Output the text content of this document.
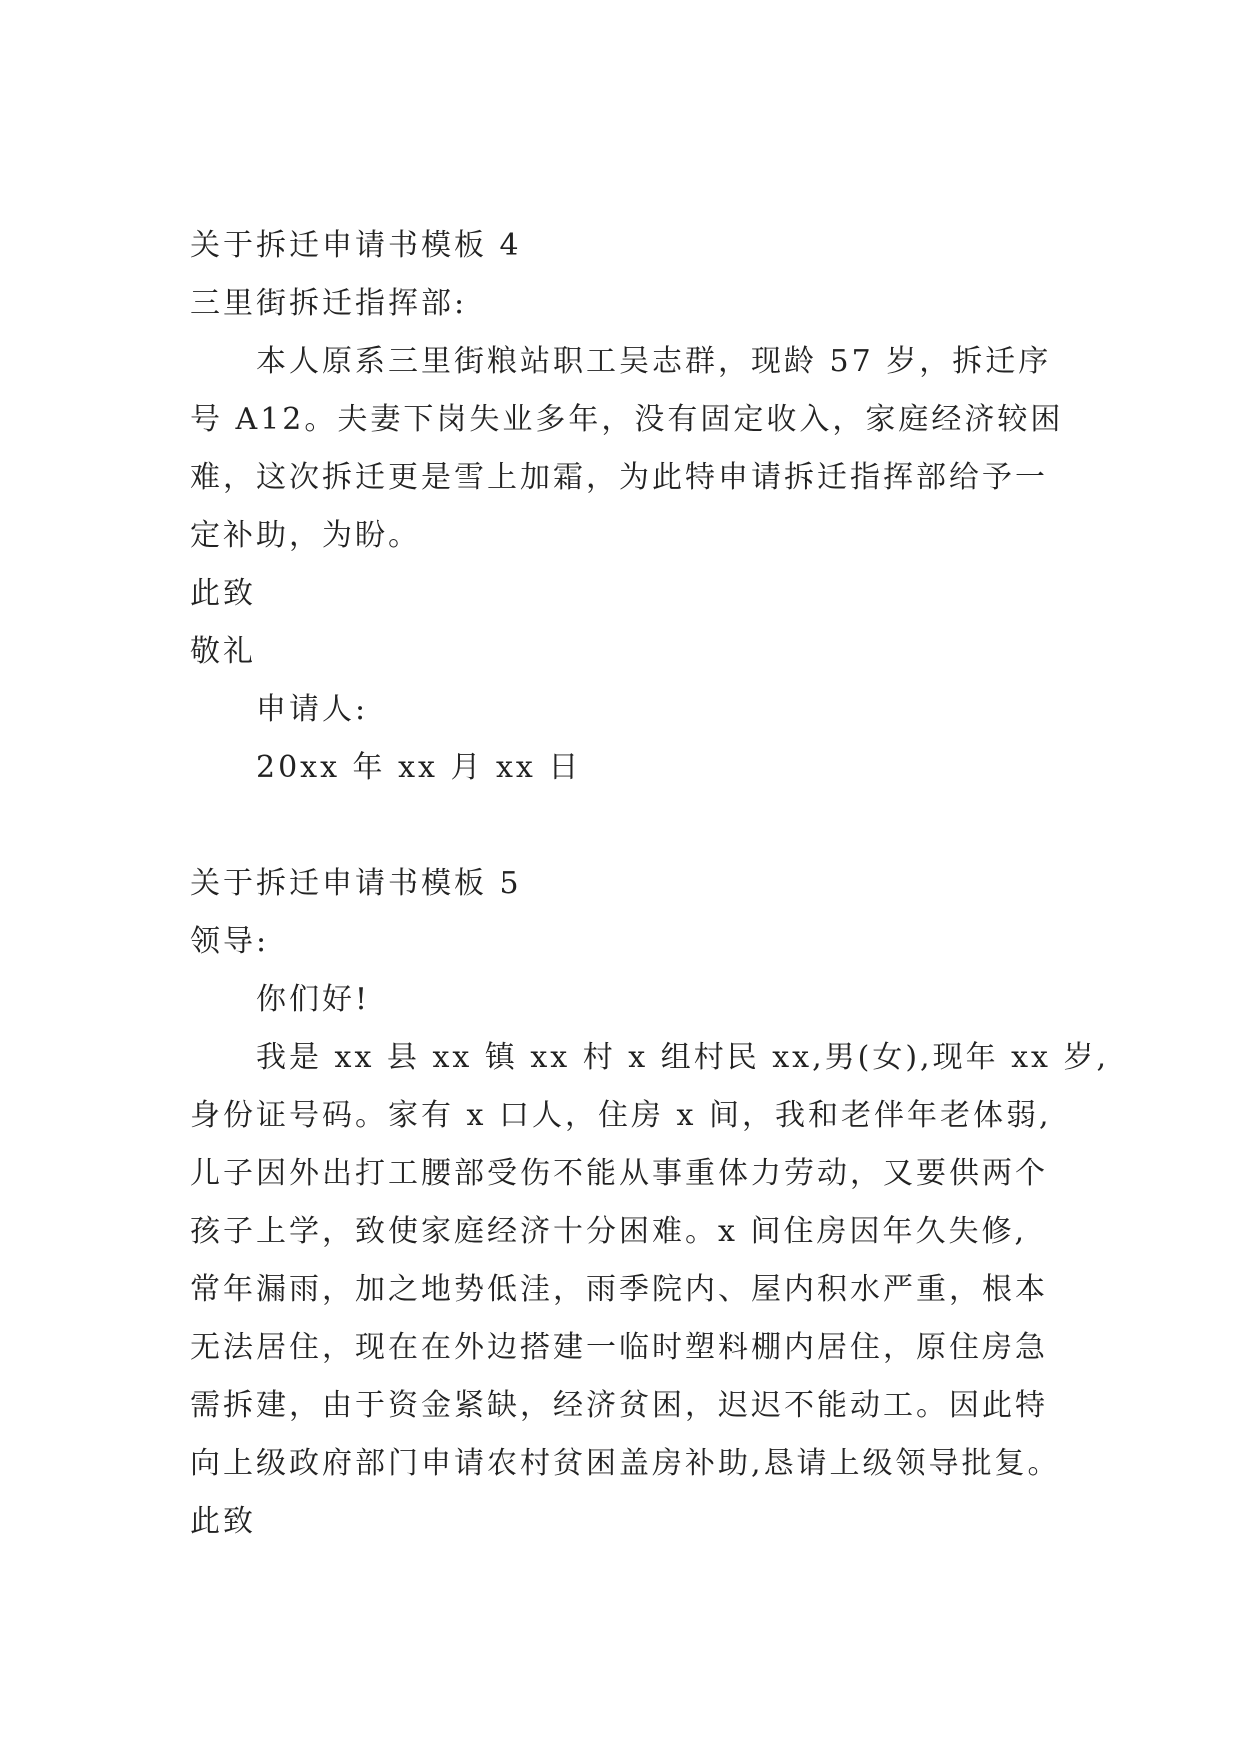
关于拆迁申请书模板 4
三里街拆迁指挥部:
本人原系三里街粮站职工吴志群，现龄 57 岁，拆迁序
号 A12。夫妻下岗失业多年，没有固定收入，家庭经济较困
难，这次拆迁更是雪上加霜，为此特申请拆迁指挥部给予一
定补助，为盼。
此致
敬礼
申请人:
20xx 年 xx 月 xx 日
关于拆迁申请书模板 5
领导:
你们好!
我是 xx 县 xx 镇 xx 村 x 组村民 xx,男(女),现年 xx 岁,
身份证号码。家有 x 口人，住房 x 间，我和老伴年老体弱,
儿子因外出打工腰部受伤不能从事重体力劳动，又要供两个
孩子上学，致使家庭经济十分困难。x 间住房因年久失修,
常年漏雨，加之地势低洼，雨季院内、屋内积水严重，根本
无法居住，现在在外边搭建一临时塑料棚内居住，原住房急
需拆建，由于资金紧缺，经济贫困，迟迟不能动工。因此特
向上级政府部门申请农村贫困盖房补助,恳请上级领导批复。
此致
